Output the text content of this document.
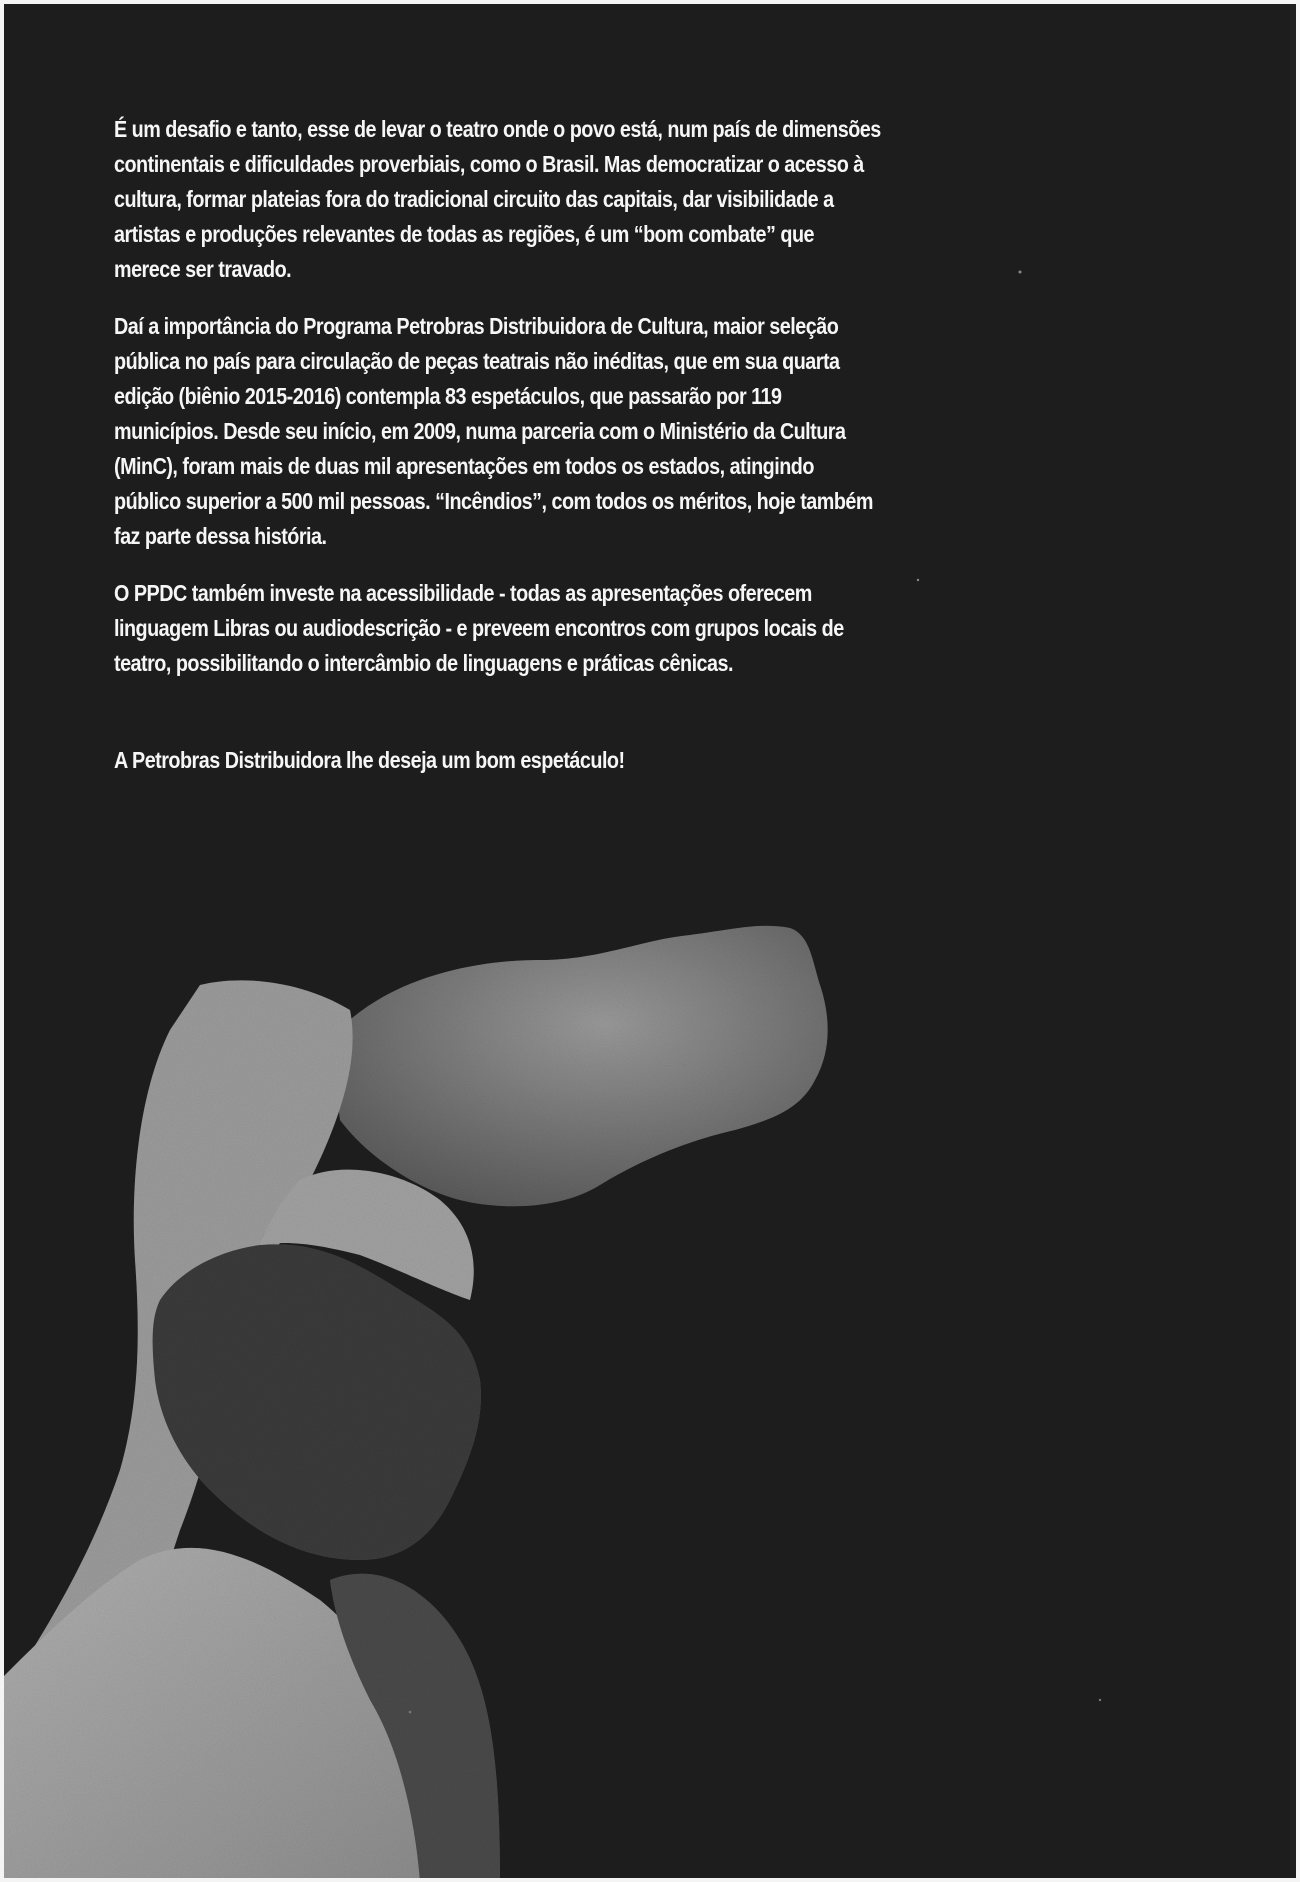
É um desafio e tanto, esse de levar o teatro onde o povo está, num país de dimensões continentais e dificuldades proverbiais, como o Brasil. Mas democratizar o acesso à cultura, formar plateias fora do tradicional circuito das capitais, dar visibilidade a artistas e produções relevantes de todas as regiões, é um “bom combate” que merece ser travado.

Daí a importância do Programa Petrobras Distribuidora de Cultura, maior seleção pública no país para circulação de peças teatrais não inéditas, que em sua quarta edição (biênio 2015-2016) contempla 83 espetáculos, que passarão por 119 municípios. Desde seu início, em 2009, numa parceria com o Ministério da Cultura (MinC), foram mais de duas mil apresentações em todos os estados, atingindo público superior a 500 mil pessoas. “Incêndios”, com todos os méritos, hoje também faz parte dessa história.

O PPDC também investe na acessibilidade - todas as apresentações oferecem linguagem Libras ou audiodescrição - e preveem encontros com grupos locais de teatro, possibilitando o intercâmbio de linguagens e práticas cênicas.

A Petrobras Distribuidora lhe deseja um bom espetáculo!
